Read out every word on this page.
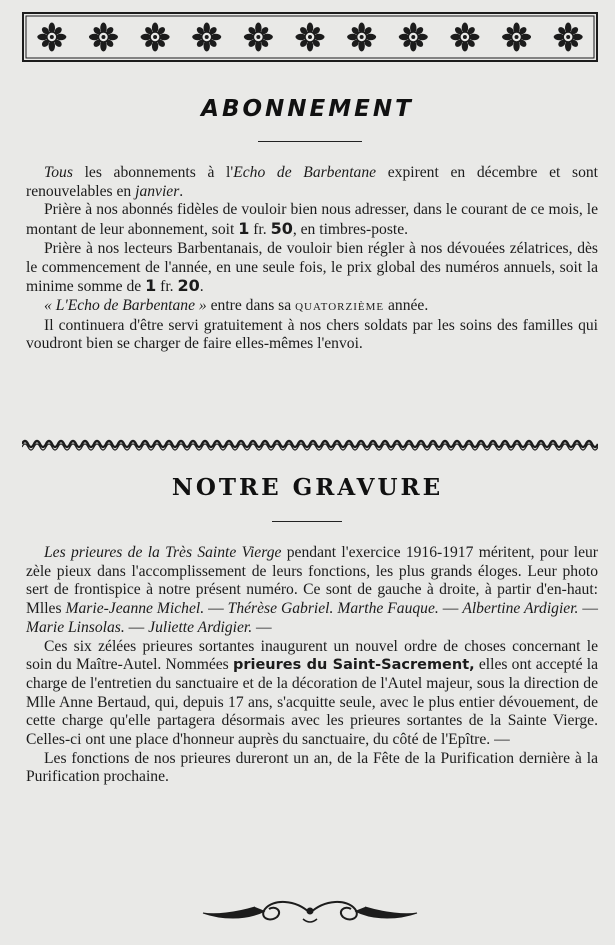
ABONNEMENT

Tous les abonnements à l'Echo de Barbentane expirent en décembre et sont renouvelables en janvier.

Prière à nos abonnés fidèles de vouloir bien nous adresser, dans le courant de ce mois, le montant de leur abonnement, soit 1 fr. 50, en timbres-poste.

Prière à nos lecteurs Barbentanais, de vouloir bien régler à nos dévouées zélatrices, dès le commencement de l'année, en une seule fois, le prix global des numéros annuels, soit la minime somme de 1 fr. 20.

« L'Echo de Barbentane » entre dans sa QUATORZIÈME année.

Il continuera d'être servi gratuitement à nos chers soldats par les soins des familles qui voudront bien se charger de faire elles-mêmes l'envoi.

NOTRE GRAVURE

Les prieures de la Très Sainte Vierge pendant l'exercice 1916-1917 méritent, pour leur zèle pieux dans l'accomplissement de leurs fonctions, les plus grands éloges. Leur photo sert de frontispice à notre présent numéro. Ce sont de gauche à droite, à partir d'en-haut: Mlles Marie-Jeanne Michel. — Thérèse Gabriel. Marthe Fauque. — Albertine Ardigier. — Marie Linsolas. — Juliette Ardigier. —

Ces six zélées prieures sortantes inaugurent un nouvel ordre de choses concernant le soin du Maître-Autel. Nommées prieures du Saint-Sacrement, elles ont accepté la charge de l'entretien du sanctuaire et de la décoration de l'Autel majeur, sous la direction de Mlle Anne Bertaud, qui, depuis 17 ans, s'acquitte seule, avec le plus entier dévouement, de cette charge qu'elle partagera désormais avec les prieures sortantes de la Sainte Vierge. Celles-ci ont une place d'honneur auprès du sanctuaire, du côté de l'Epître. —

Les fonctions de nos prieures dureront un an, de la Fête de la Purification dernière à la Purification prochaine.
